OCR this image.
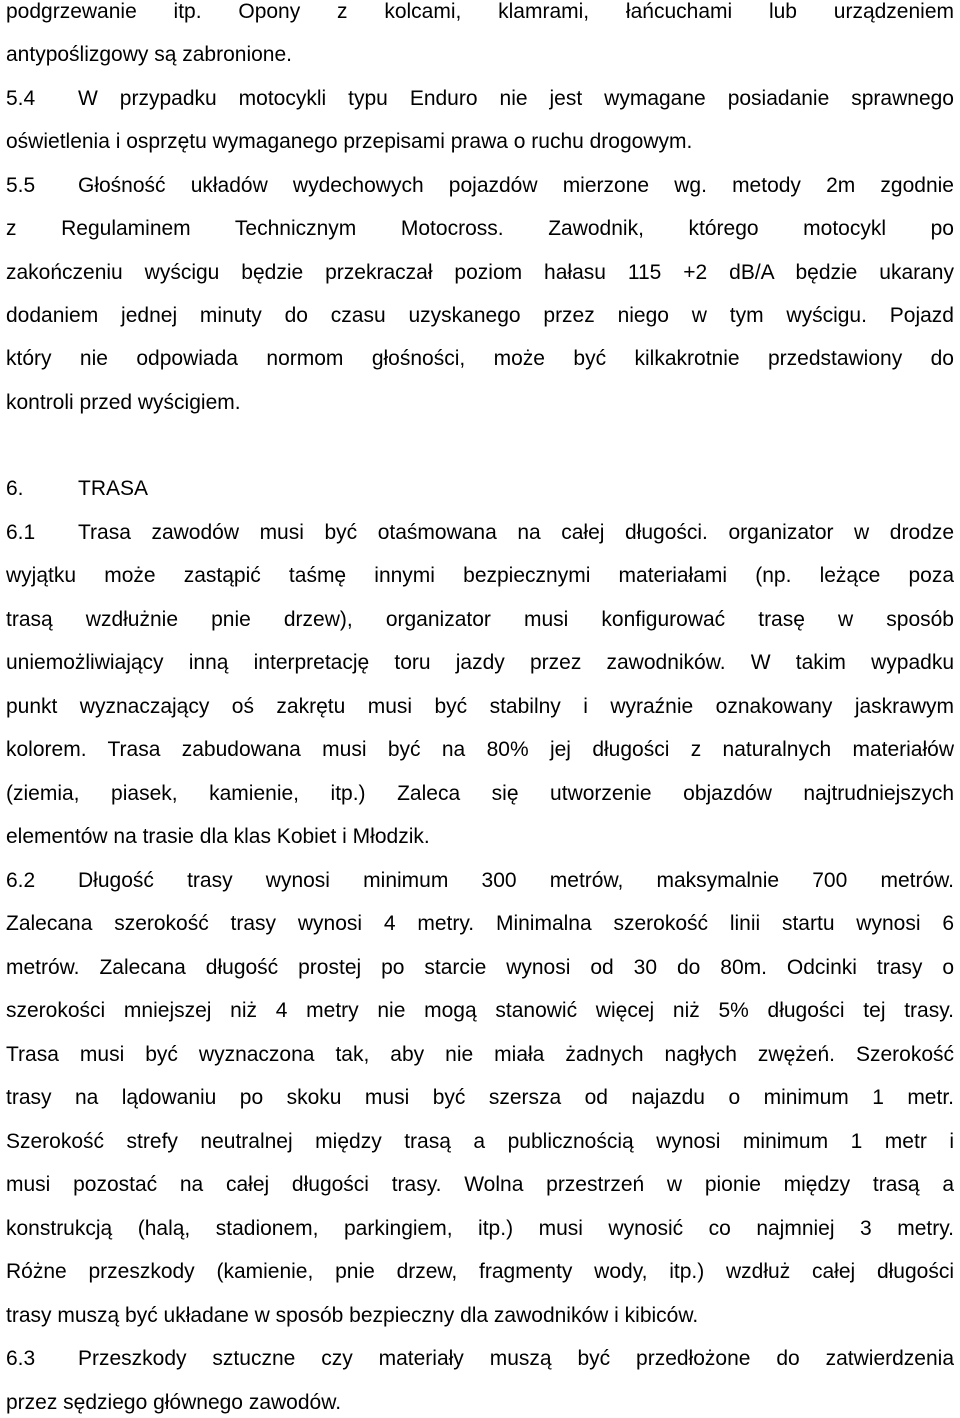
podgrzewanie itp. Opony z kolcami, klamrami, łańcuchami lub urządzeniem
antypoślizgowy są zabronione.
5.4 W przypadku motocykli typu Enduro nie jest wymagane posiadanie sprawnego
oświetlenia i osprzętu wymaganego przepisami prawa o ruchu drogowym.
5.5 Głośność układów wydechowych pojazdów mierzone wg. metody 2m zgodnie
z Regulaminem Technicznym Motocross. Zawodnik, którego motocykl po
zakończeniu wyścigu będzie przekraczał poziom hałasu 115 +2 dB/A będzie ukarany
dodaniem jednej minuty do czasu uzyskanego przez niego w tym wyścigu. Pojazd
który nie odpowiada normom głośności, może być kilkakrotnie przedstawiony do
kontroli przed wyścigiem.
6.	TRASA
6.1 Trasa zawodów musi być otaśmowana na całej długości. organizator w drodze
wyjątku może zastąpić taśmę innymi bezpiecznymi materiałami (np. leżące poza
trasą wzdłużnie pnie drzew), organizator musi konfigurować trasę w sposób
uniemożliwiający inną interpretację toru jazdy przez zawodników. W takim wypadku
punkt wyznaczający oś zakrętu musi być stabilny i wyraźnie oznakowany jaskrawym
kolorem. Trasa zabudowana musi być na 80% jej długości z naturalnych materiałów
(ziemia, piasek, kamienie, itp.) Zaleca się utworzenie objazdów najtrudniejszych
elementów na trasie dla klas Kobiet i Młodzik.
6.2 Długość trasy wynosi minimum 300 metrów, maksymalnie 700 metrów.
Zalecana szerokość trasy wynosi 4 metry. Minimalna szerokość linii startu wynosi 6
metrów. Zalecana długość prostej po starcie wynosi od 30 do 80m. Odcinki trasy o
szerokości mniejszej niż 4 metry nie mogą stanowić więcej niż 5% długości tej trasy.
Trasa musi być wyznaczona tak, aby nie miała żadnych nagłych zwężeń. Szerokość
trasy na lądowaniu po skoku musi być szersza od najazdu o minimum 1 metr.
Szerokość strefy neutralnej między trasą a publicznością wynosi minimum 1 metr i
musi pozostać na całej długości trasy. Wolna przestrzeń w pionie między trasą a
konstrukcją (halą, stadionem, parkingiem, itp.) musi wynosić co najmniej 3 metry.
Różne przeszkody (kamienie, pnie drzew, fragmenty wody, itp.) wzdłuż całej długości
trasy muszą być układane w sposób bezpieczny dla zawodników i kibiców.
6.3 Przeszkody sztuczne czy materiały muszą być przedłożone do zatwierdzenia
przez sędziego głównego zawodów.
